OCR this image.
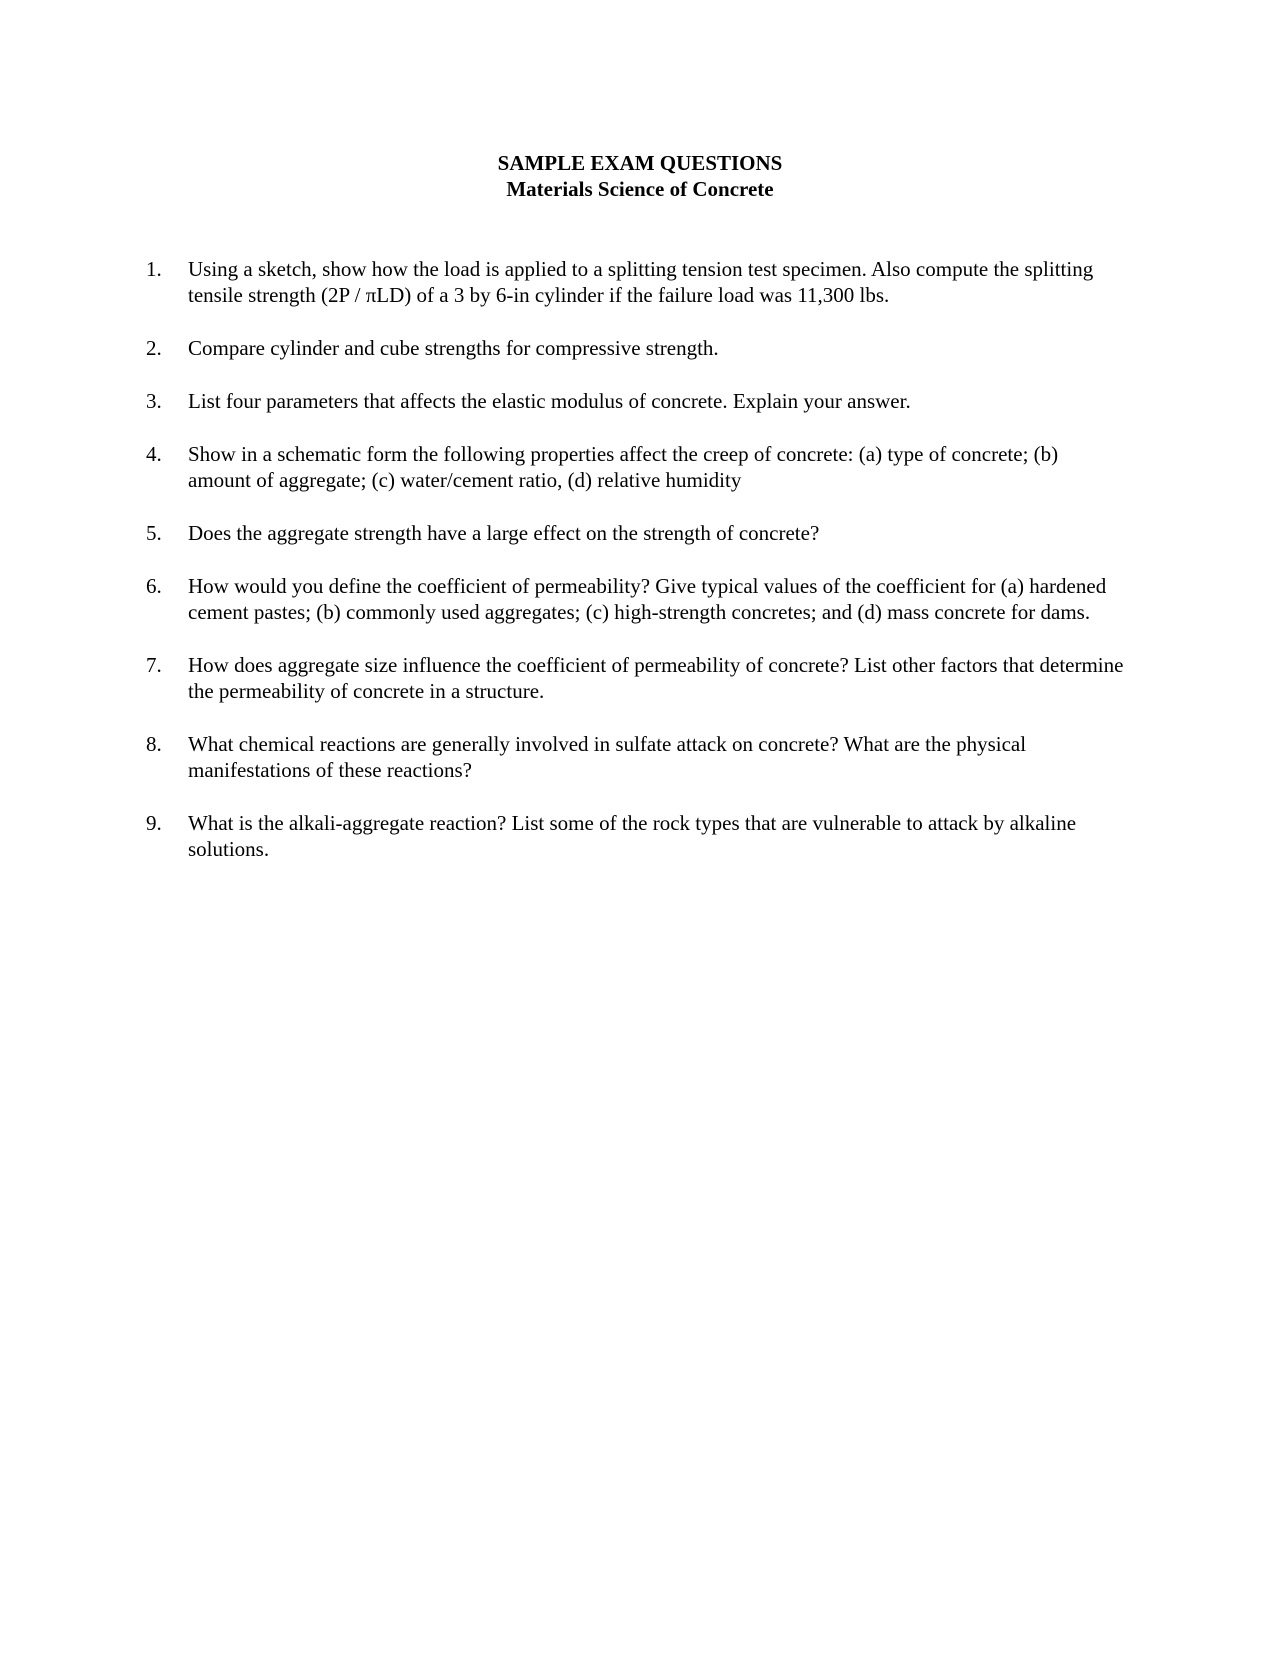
SAMPLE EXAM QUESTIONS
Materials Science of Concrete
1.	Using a sketch, show how the load is applied to a splitting tension test specimen. Also compute the splitting tensile strength (2P / πLD) of a 3 by 6-in cylinder if the failure load was 11,300 lbs.
2.	Compare cylinder and cube strengths for compressive strength.
3.	List four parameters that affects the elastic modulus of concrete. Explain your answer.
4.	Show in a schematic form the following properties affect the creep of concrete: (a) type of concrete; (b) amount of aggregate; (c) water/cement ratio, (d) relative humidity
5.	Does the aggregate strength have a large effect on the strength of concrete?
6.	How would you define the coefficient of permeability? Give typical values of the coefficient for (a) hardened cement pastes; (b) commonly used aggregates; (c) high-strength concretes; and (d) mass concrete for dams.
7.	How does aggregate size influence the coefficient of permeability of concrete? List other factors that determine the permeability of concrete in a structure.
8.	What chemical reactions are generally involved in sulfate attack on concrete? What are the physical manifestations of these reactions?
9.	What is the alkali-aggregate reaction? List some of the rock types that are vulnerable to attack by alkaline solutions.
